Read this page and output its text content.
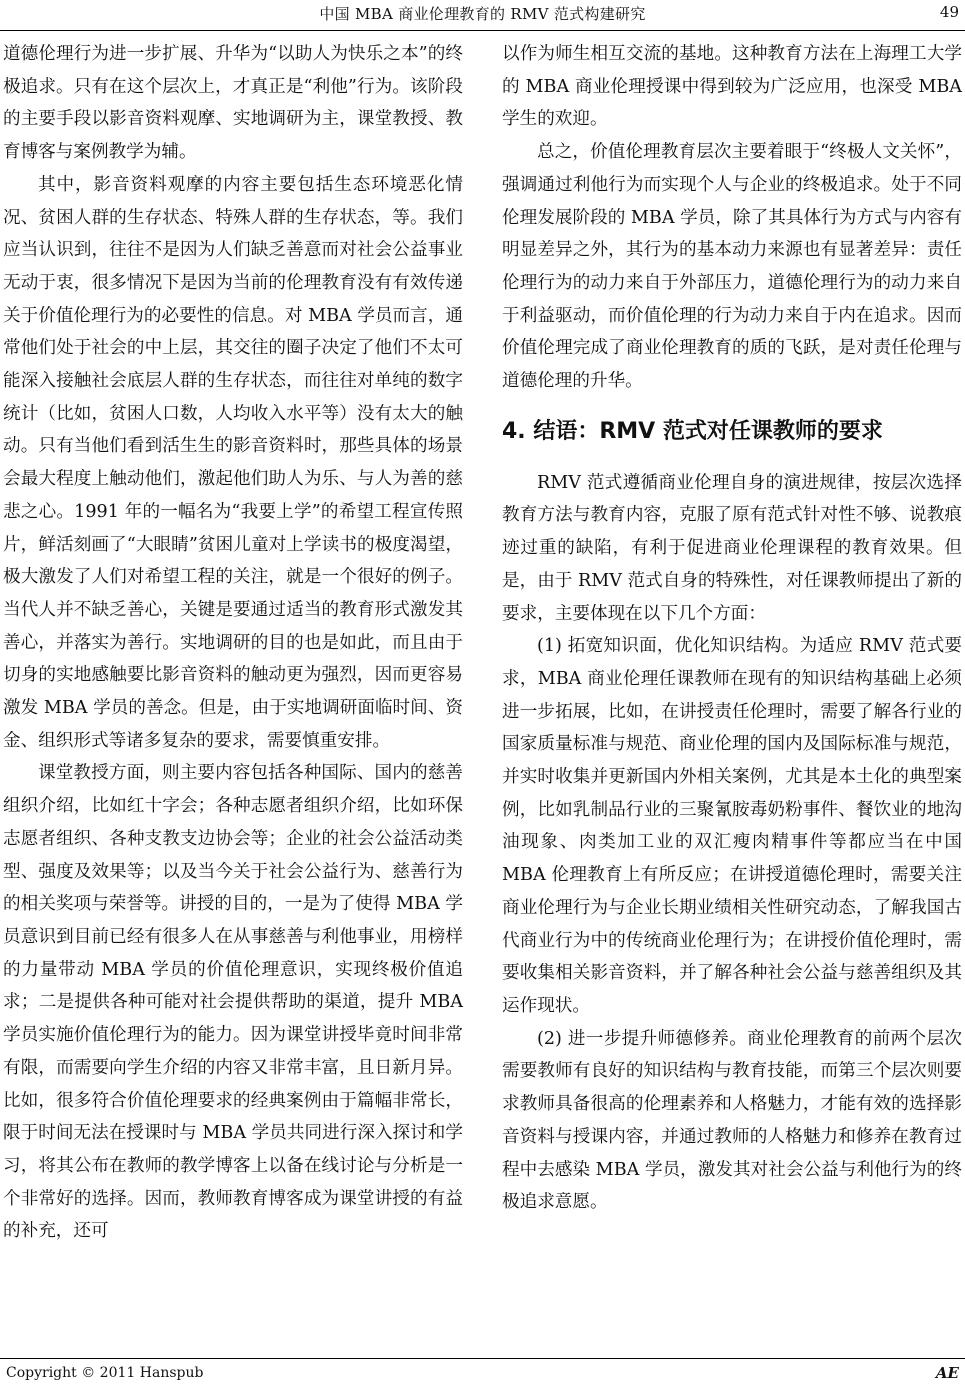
中国 MBA 商业伦理教育的 RMV 范式构建研究	49

道德伦理行为进一步扩展、升华为“以助人为快乐之本”的终极追求。只有在这个层次上，才真正是“利他”行为。该阶段的主要手段以影音资料观摩、实地调研为主，课堂教授、教育博客与案例教学为辅。

其中，影音资料观摩的内容主要包括生态环境恶化情况、贫困人群的生存状态、特殊人群的生存状态，等。我们应当认识到，往往不是因为人们缺乏善意而对社会公益事业无动于衷，很多情况下是因为当前的伦理教育没有有效传递关于价值伦理行为的必要性的信息。对 MBA 学员而言，通常他们处于社会的中上层，其交往的圈子决定了他们不太可能深入接触社会底层人群的生存状态，而往往对单纯的数字统计（比如，贫困人口数，人均收入水平等）没有太大的触动。只有当他们看到活生生的影音资料时，那些具体的场景会最大程度上触动他们，激起他们助人为乐、与人为善的慈悲之心。1991 年的一幅名为“我要上学”的希望工程宣传照片，鲜活刻画了“大眼睛”贫困儿童对上学读书的极度渴望，极大激发了人们对希望工程的关注，就是一个很好的例子。当代人并不缺乏善心，关键是要通过适当的教育形式激发其善心，并落实为善行。实地调研的目的也是如此，而且由于切身的实地感触要比影音资料的触动更为强烈，因而更容易激发 MBA 学员的善念。但是，由于实地调研面临时间、资金、组织形式等诸多复杂的要求，需要慎重安排。

课堂教授方面，则主要内容包括各种国际、国内的慈善组织介绍，比如红十字会；各种志愿者组织介绍，比如环保志愿者组织、各种支教支边协会等；企业的社会公益活动类型、强度及效果等；以及当今关于社会公益行为、慈善行为的相关奖项与荣誉等。讲授的目的，一是为了使得 MBA 学员意识到目前已经有很多人在从事慈善与利他事业，用榜样的力量带动 MBA 学员的价值伦理意识，实现终极价值追求；二是提供各种可能对社会提供帮助的渠道，提升 MBA 学员实施价值伦理行为的能力。因为课堂讲授毕竟时间非常有限，而需要向学生介绍的内容又非常丰富，且日新月异。比如，很多符合价值伦理要求的经典案例由于篇幅非常长，限于时间无法在授课时与 MBA 学员共同进行深入探讨和学习，将其公布在教师的教学博客上以备在线讨论与分析是一个非常好的选择。因而，教师教育博客成为课堂讲授的有益的补充，还可

以作为师生相互交流的基地。这种教育方法在上海理工大学的 MBA 商业伦理授课中得到较为广泛应用，也深受 MBA 学生的欢迎。

总之，价值伦理教育层次主要着眼于“终极人文关怀”，强调通过利他行为而实现个人与企业的终极追求。处于不同伦理发展阶段的 MBA 学员，除了其具体行为方式与内容有明显差异之外，其行为的基本动力来源也有显著差异：责任伦理行为的动力来自于外部压力，道德伦理行为的动力来自于利益驱动，而价值伦理的行为动力来自于内在追求。因而价值伦理完成了商业伦理教育的质的飞跃，是对责任伦理与道德伦理的升华。

4. 结语：RMV 范式对任课教师的要求

RMV 范式遵循商业伦理自身的演进规律，按层次选择教育方法与教育内容，克服了原有范式针对性不够、说教痕迹过重的缺陷，有利于促进商业伦理课程的教育效果。但是，由于 RMV 范式自身的特殊性，对任课教师提出了新的要求，主要体现在以下几个方面：

(1) 拓宽知识面，优化知识结构。为适应 RMV 范式要求，MBA 商业伦理任课教师在现有的知识结构基础上必须进一步拓展，比如，在讲授责任伦理时，需要了解各行业的国家质量标准与规范、商业伦理的国内及国际标准与规范，并实时收集并更新国内外相关案例，尤其是本土化的典型案例，比如乳制品行业的三聚氰胺毒奶粉事件、餐饮业的地沟油现象、肉类加工业的双汇瘦肉精事件等都应当在中国 MBA 伦理教育上有所反应；在讲授道德伦理时，需要关注商业伦理行为与企业长期业绩相关性研究动态，了解我国古代商业行为中的传统商业伦理行为；在讲授价值伦理时，需要收集相关影音资料，并了解各种社会公益与慈善组织及其运作现状。

(2) 进一步提升师德修养。商业伦理教育的前两个层次需要教师有良好的知识结构与教育技能，而第三个层次则要求教师具备很高的伦理素养和人格魅力，才能有效的选择影音资料与授课内容，并通过教师的人格魅力和修养在教育过程中去感染 MBA 学员，激发其对社会公益与利他行为的终极追求意愿。

Copyright © 2011 Hanspub	AE
